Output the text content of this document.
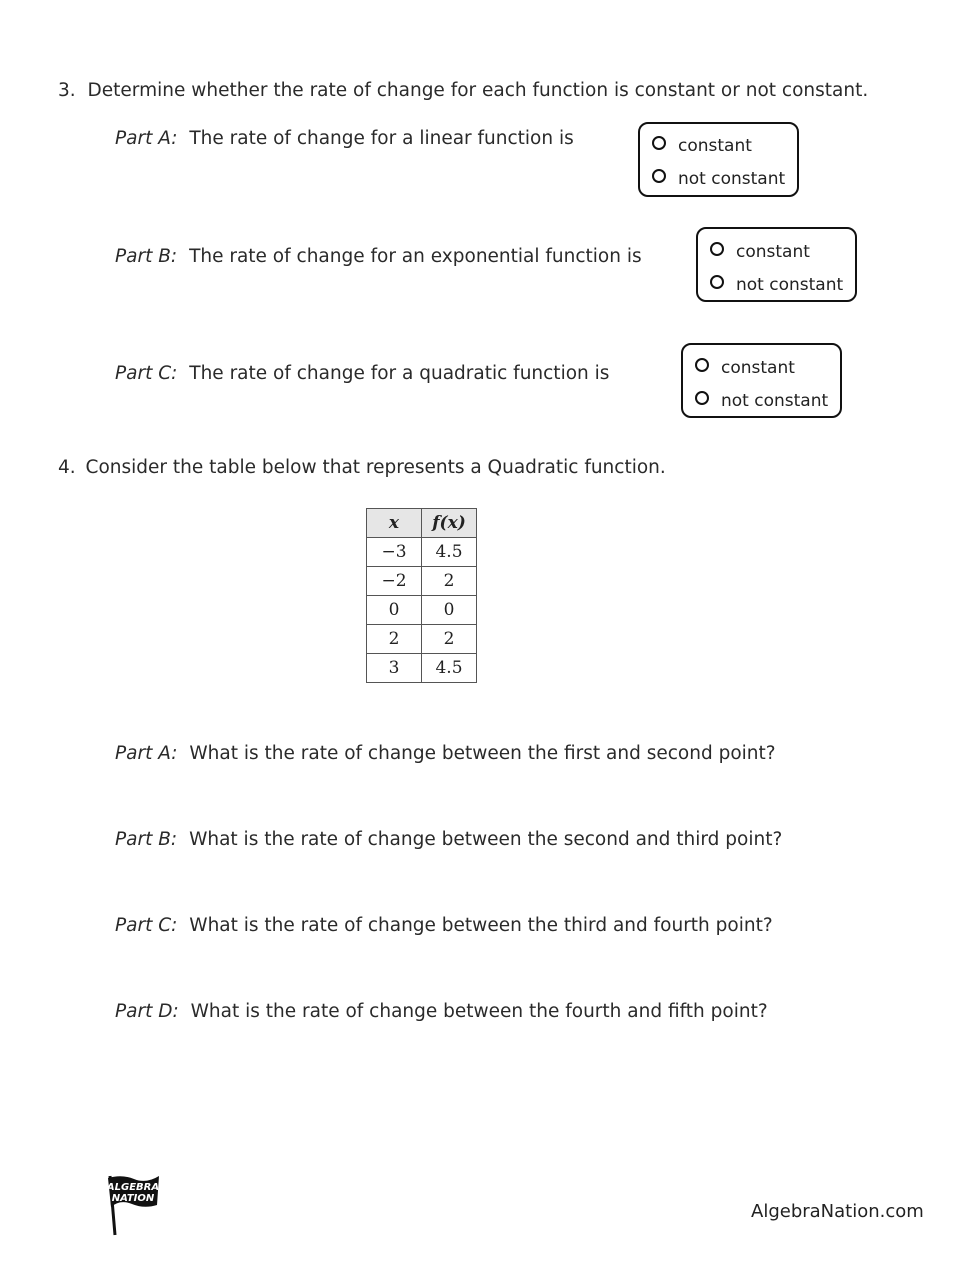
3. Determine whether the rate of change for each function is constant or not constant.
Part A: The rate of change for a linear function is	constant
not constant
Part B: The rate of change for an exponential function is	constant
not constant
Part C: The rate of change for a quadratic function is	constant
not constant
4. Consider the table below that represents a Quadratic function.
x	f(x)
−3	4.5
−2	2
0	0
2	2
3	4.5
Part A: What is the rate of change between the first and second point?
Part B: What is the rate of change between the second and third point?
Part C: What is the rate of change between the third and fourth point?
Part D: What is the rate of change between the fourth and fifth point?
ALGEBRA
NATION
AlgebraNation.com
